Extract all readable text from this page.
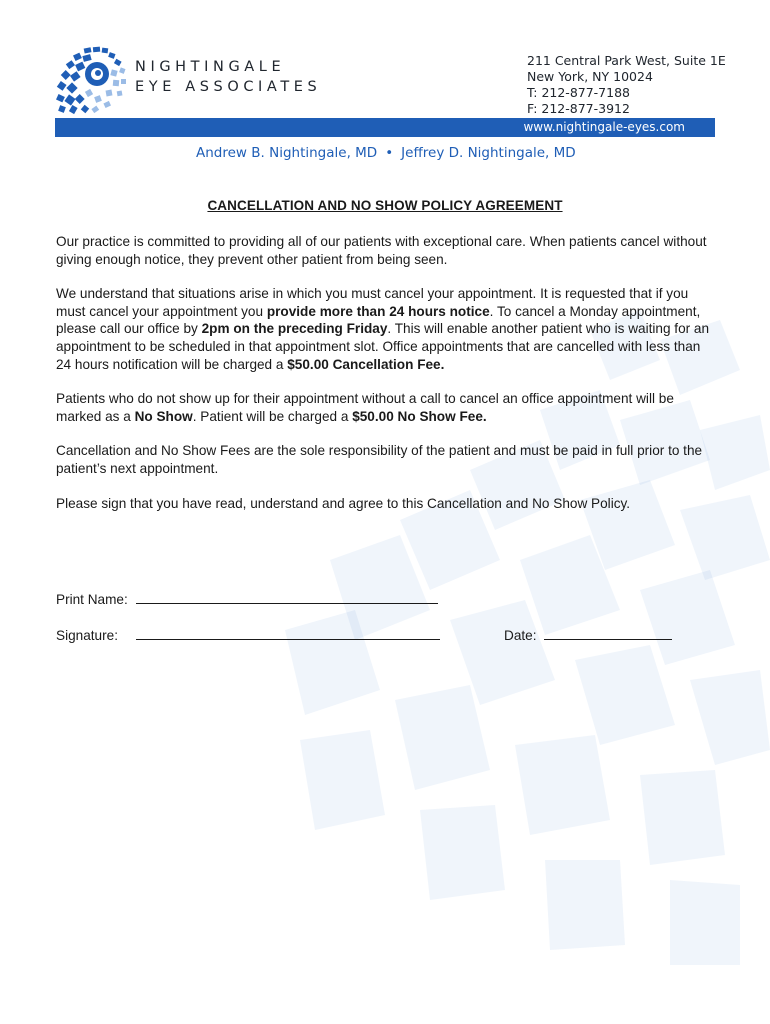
NIGHTINGALE
EYE ASSOCIATES
211 Central Park West, Suite 1E
New York, NY 10024
T: 212-877-7188
F: 212-877-3912
www.nightingale-eyes.com
Andrew B. Nightingale, MD • Jeffrey D. Nightingale, MD
CANCELLATION AND NO SHOW POLICY AGREEMENT

Our practice is committed to providing all of our patients with exceptional care. When patients cancel without giving enough notice, they prevent other patient from being seen.

We understand that situations arise in which you must cancel your appointment. It is requested that if you must cancel your appointment you provide more than 24 hours notice. To cancel a Monday appointment, please call our office by 2pm on the preceding Friday. This will enable another patient who is waiting for an appointment to be scheduled in that appointment slot. Office appointments that are cancelled with less than 24 hours notification will be charged a $50.00 Cancellation Fee.

Patients who do not show up for their appointment without a call to cancel an office appointment will be marked as a No Show. Patient will be charged a $50.00 No Show Fee.

Cancellation and No Show Fees are the sole responsibility of the patient and must be paid in full prior to the patient’s next appointment.

Please sign that you have read, understand and agree to this Cancellation and No Show Policy.

Print Name:
Signature:	Date:
